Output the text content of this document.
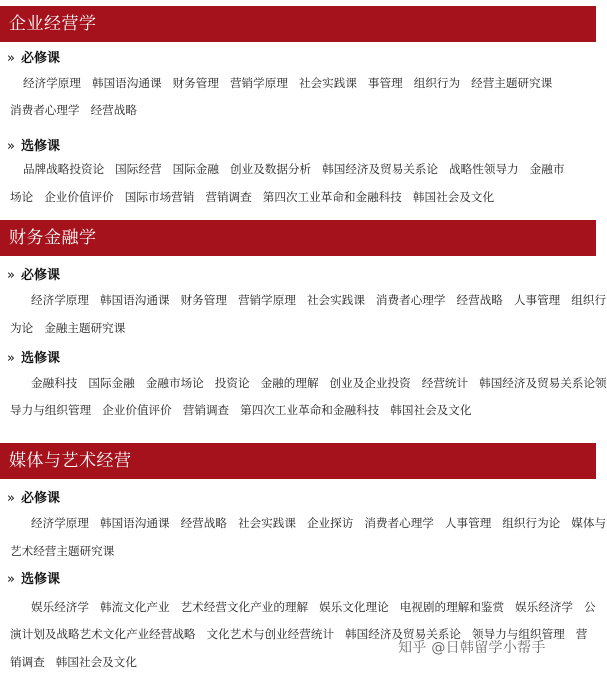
企业经营学
» 必修课

经济学原理 韩国语沟通课 财务管理 营销学原理 社会实践课 事管理 组织行为 经营主题研究课

消费者心理学 经营战略

» 选修课

品牌战略投资论 国际经营 国际金融 创业及数据分析 韩国经济及贸易关系论 战略性领导力 金融市

场论 企业价值评价 国际市场营销 营销调查 第四次工业革命和金融科技 韩国社会及文化

财务金融学
» 必修课

经济学原理 韩国语沟通课 财务管理 营销学原理 社会实践课 消费者心理学 经营战略 人事管理 组织行

为论 金融主题研究课

» 选修课

金融科技 国际金融 金融市场论 投资论 金融的理解 创业及企业投资 经营统计 韩国经济及贸易关系论领

导力与组织管理 企业价值评价 营销调查 第四次工业革命和金融科技 韩国社会及文化

媒体与艺术经营
» 必修课

经济学原理 韩国语沟通课 经营战略 社会实践课 企业探访 消费者心理学 人事管理 组织行为论 媒体与

艺术经营主题研究课

» 选修课

娱乐经济学 韩流文化产业 艺术经营文化产业的理解 娱乐文化理论 电视剧的理解和鉴赏 娱乐经济学 公

演计划及战略艺术文化产业经营战略 文化艺术与创业经营统计 韩国经济及贸易关系论 领导力与组织管理 营

销调查 韩国社会及文化

知乎 @日韩留学小帮手
